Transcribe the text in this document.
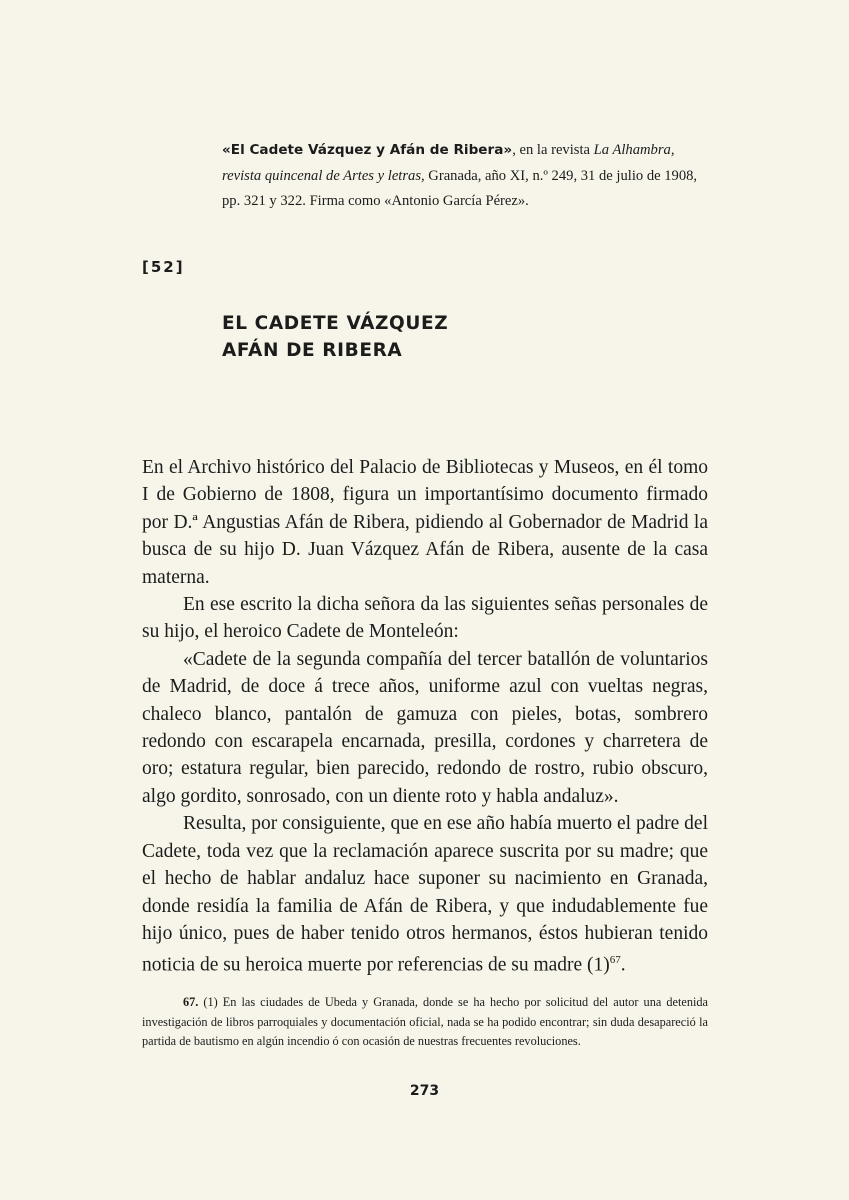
«El Cadete Vázquez y Afán de Ribera», en la revista La Alhambra, revista quincenal de Artes y letras, Granada, año XI, n.º 249, 31 de julio de 1908, pp. 321 y 322. Firma como «Antonio García Pérez».
[52]
EL CADETE VÁZQUEZ
AFÁN DE RIBERA

En el Archivo histórico del Palacio de Bibliotecas y Museos, en él tomo I de Gobierno de 1808, figura un importantísimo documento firmado por D.ª Angustias Afán de Ribera, pidiendo al Gobernador de Madrid la busca de su hijo D. Juan Vázquez Afán de Ribera, ausente de la casa materna.

En ese escrito la dicha señora da las siguientes señas personales de su hijo, el heroico Cadete de Monteleón:

«Cadete de la segunda compañía del tercer batallón de voluntarios de Madrid, de doce á trece años, uniforme azul con vueltas negras, chaleco blanco, pantalón de gamuza con pieles, botas, sombrero redondo con escarapela encarnada, presilla, cordones y charretera de oro; estatura regular, bien parecido, redondo de rostro, rubio obscuro, algo gordito, sonrosado, con un diente roto y habla andaluz».

Resulta, por consiguiente, que en ese año había muerto el padre del Cadete, toda vez que la reclamación aparece suscrita por su madre; que el hecho de hablar andaluz hace suponer su nacimiento en Granada, donde residía la familia de Afán de Ribera, y que indudablemente fue hijo único, pues de haber tenido otros hermanos, éstos hubieran tenido noticia de su heroica muerte por referencias de su madre $(1)^{67}$.

67. (1) En las ciudades de Ubeda y Granada, donde se ha hecho por solicitud del autor una detenida investigación de libros parroquiales y documentación oficial, nada se ha podido encontrar; sin duda desapareció la partida de bautismo en algún incendio ó con ocasión de nuestras frecuentes revoluciones.

273
